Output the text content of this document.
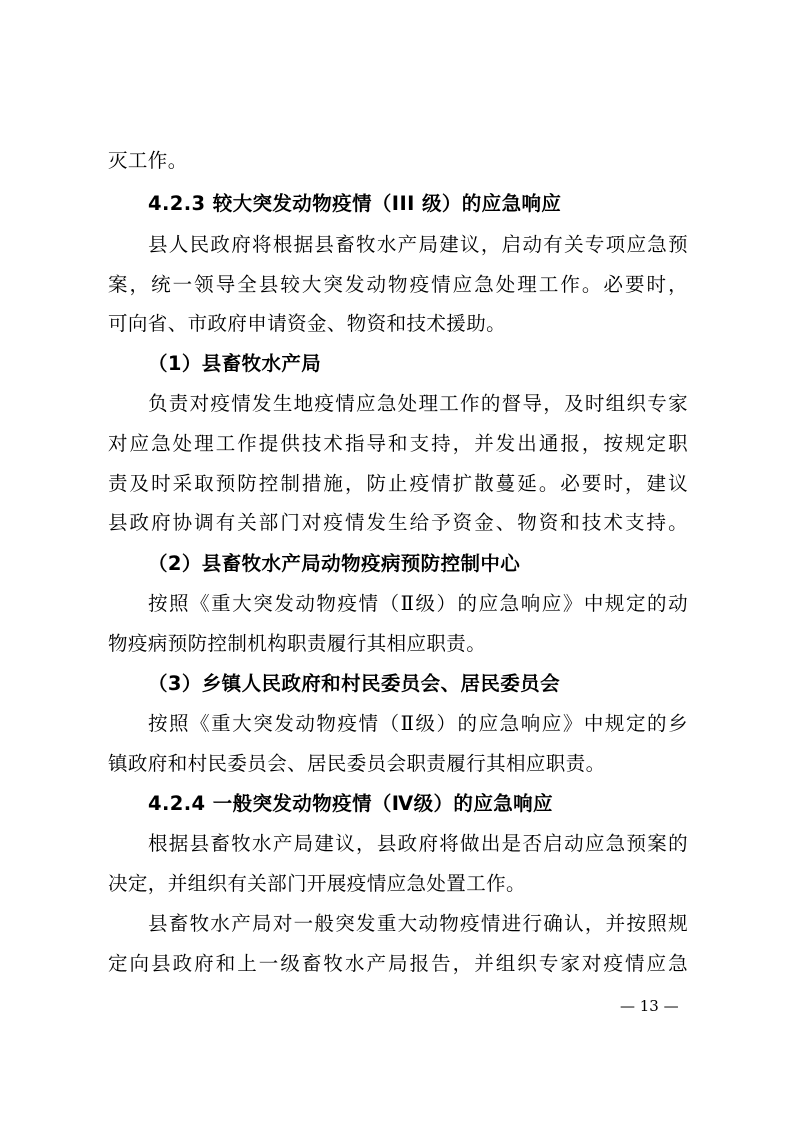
灭工作。
4.2.3 较大突发动物疫情（III 级）的应急响应
县人民政府将根据县畜牧水产局建议，启动有关专项应急预
案，统一领导全县较大突发动物疫情应急处理工作。必要时，
可向省、市政府申请资金、物资和技术援助。
（1）县畜牧水产局
负责对疫情发生地疫情应急处理工作的督导，及时组织专家
对应急处理工作提供技术指导和支持，并发出通报，按规定职
责及时采取预防控制措施，防止疫情扩散蔓延。必要时，建议
县政府协调有关部门对疫情发生给予资金、物资和技术支持。
（2）县畜牧水产局动物疫病预防控制中心
按照《重大突发动物疫情（Ⅱ级）的应急响应》中规定的动
物疫病预防控制机构职责履行其相应职责。
（3）乡镇人民政府和村民委员会、居民委员会
按照《重大突发动物疫情（Ⅱ级）的应急响应》中规定的乡
镇政府和村民委员会、居民委员会职责履行其相应职责。
4.2.4 一般突发动物疫情（Ⅳ级）的应急响应
根据县畜牧水产局建议，县政府将做出是否启动应急预案的
决定，并组织有关部门开展疫情应急处置工作。
县畜牧水产局对一般突发重大动物疫情进行确认，并按照规
定向县政府和上一级畜牧水产局报告，并组织专家对疫情应急
— 13 —
